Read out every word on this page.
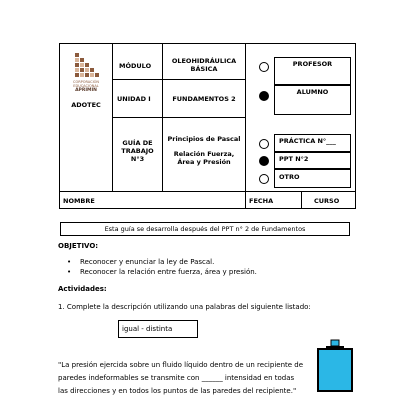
CORPORACIÓN
EDUCACIONAL
APRIMIN
ADOTEC
MÓDULO
UNIDAD I
GUÍA DE
TRABAJO
N°3
OLEOHIDRÁULICA
BÁSICA
FUNDAMENTOS 2
Principios de Pascal
Relación Fuerza,
Área y Presión
PROFESOR
ALUMNO
PRÁCTICA N°___
PPT N°2
OTRO
NOMBRE	FECHA	CURSO
Esta guía se desarrolla después del PPT n° 2 de Fundamentos
OBJETIVO:
• Reconocer y enunciar la ley de Pascal.
• Reconocer la relación entre fuerza, área y presión.
Actividades:
1. Complete la descripción utilizando una palabras del siguiente listado:
igual - distinta
"La presión ejercida sobre un fluido líquido dentro de un recipiente de
paredes indeformables se transmite con ______ intensidad en todas
las direcciones y en todos los puntos de las paredes del recipiente."
